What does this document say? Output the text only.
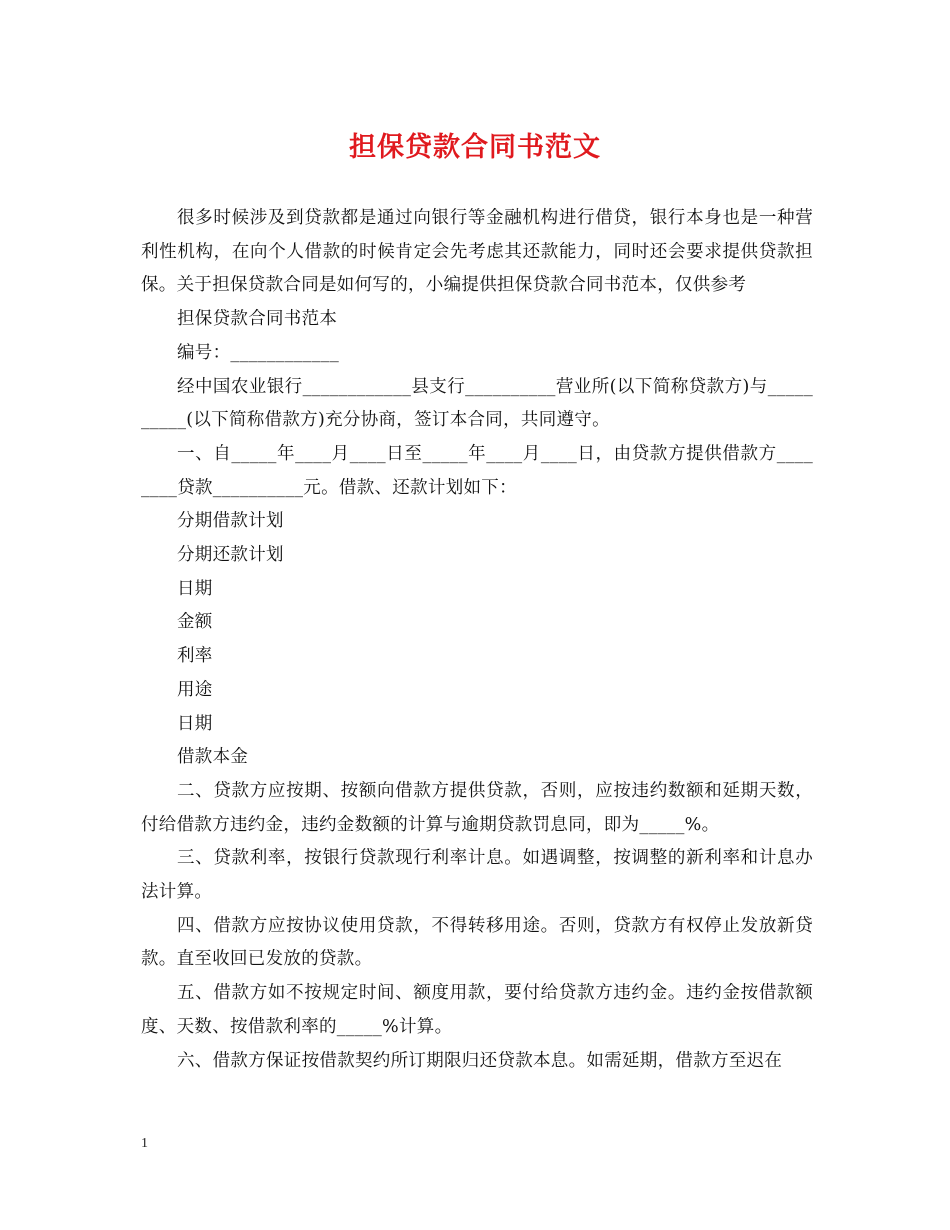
担保贷款合同书范文

很多时候涉及到贷款都是通过向银行等金融机构进行借贷，银行本身也是一种营利性机构，在向个人借款的时候肯定会先考虑其还款能力，同时还会要求提供贷款担保。关于担保贷款合同是如何写的，小编提供担保贷款合同书范本，仅供参考

担保贷款合同书范本

编号：____________

经中国农业银行____________县支行__________营业所(以下简称贷款方)与__________(以下简称借款方)充分协商，签订本合同，共同遵守。

一、自_____年____月____日至_____年____月____日，由贷款方提供借款方________贷款__________元。借款、还款计划如下：

分期借款计划

分期还款计划

日期

金额

利率

用途

日期

借款本金

二、贷款方应按期、按额向借款方提供贷款，否则，应按违约数额和延期天数，付给借款方违约金，违约金数额的计算与逾期贷款罚息同，即为_____%。

三、贷款利率，按银行贷款现行利率计息。如遇调整，按调整的新利率和计息办法计算。

四、借款方应按协议使用贷款，不得转移用途。否则，贷款方有权停止发放新贷款。直至收回已发放的贷款。

五、借款方如不按规定时间、额度用款，要付给贷款方违约金。违约金按借款额度、天数、按借款利率的_____%计算。

六、借款方保证按借款契约所订期限归还贷款本息。如需延期，借款方至迟在

1
